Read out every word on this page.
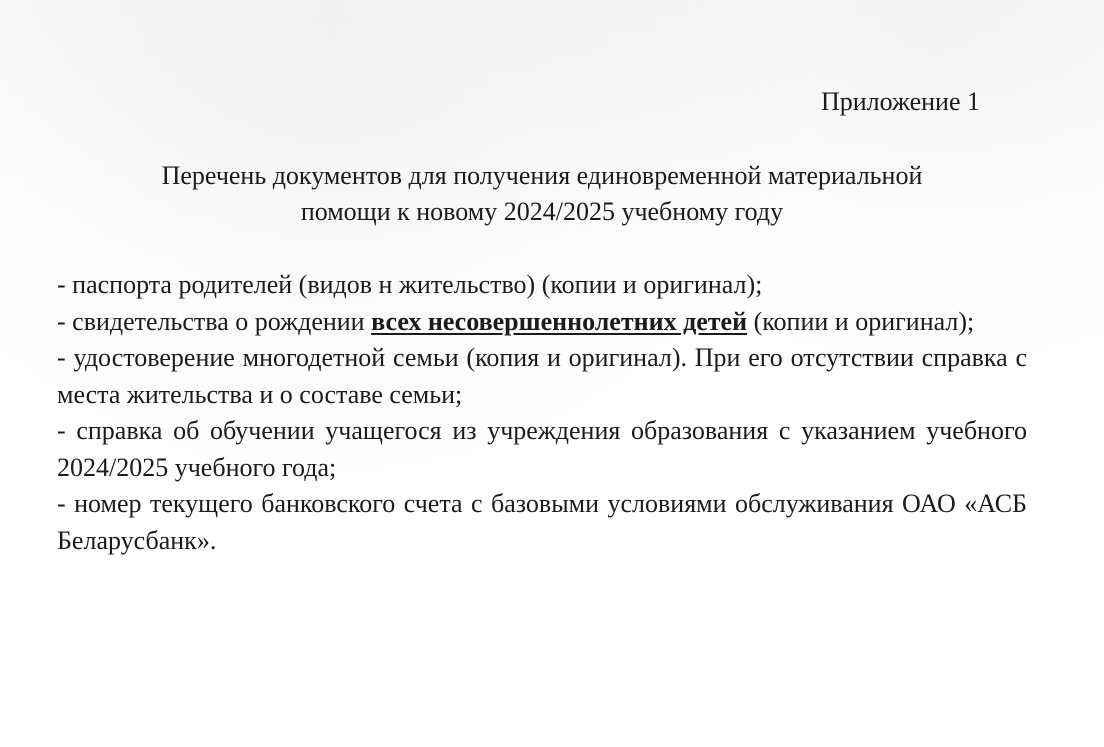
Приложение 1

Перечень документов для получения единовременной материальной
помощи к новому 2024/2025 учебному году
- паспорта родителей (видов н жительство) (копии и оригинал);
- свидетельства о рождении всех несовершеннолетних детей (копии и оригинал);
- удостоверение многодетной семьи (копия и оригинал). При его отсутствии справка с места жительства и о составе семьи;
- справка об обучении учащегося из учреждения образования с указанием учебного 2024/2025 учебного года;
- номер текущего банковского счета с базовыми условиями обслуживания ОАО «АСБ Беларусбанк».
